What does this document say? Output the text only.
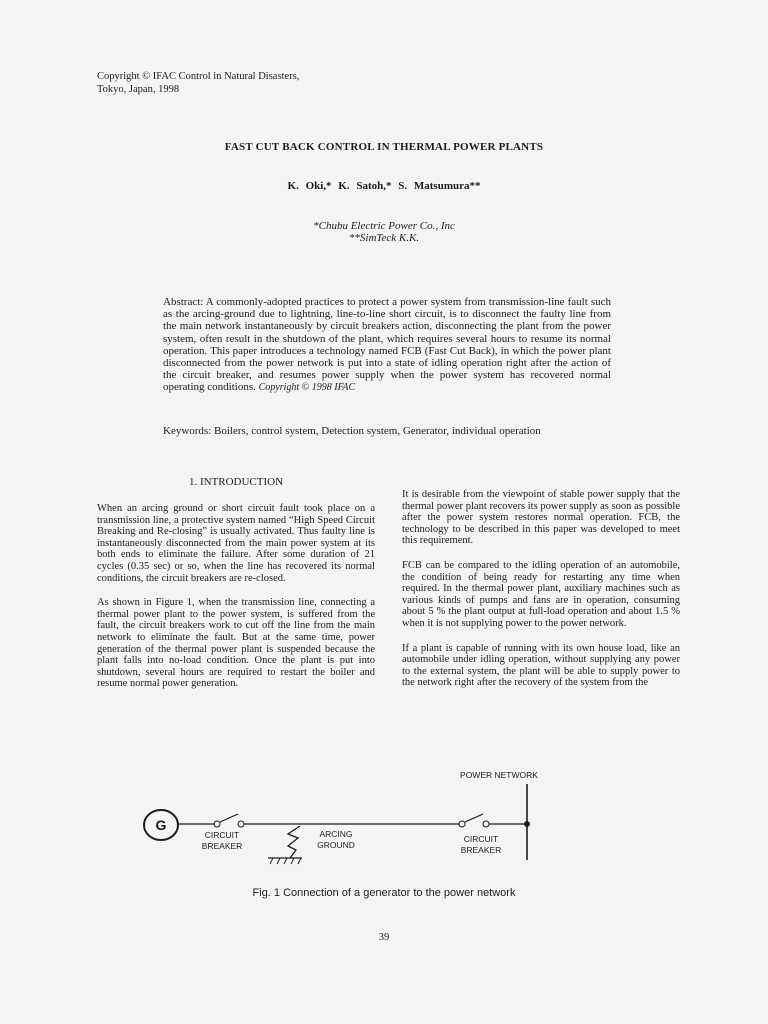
Copyright © IFAC Control in Natural Disasters,
Tokyo, Japan, 1998
FAST CUT BACK CONTROL IN THERMAL POWER PLANTS
K. Oki,* K. Satoh,* S. Matsumura**
*Chubu Electric Power Co., Inc
**SimTeck K.K.
Abstract: A commonly-adopted practices to protect a power system from transmission-line fault such as the arcing-ground due to lightning, line-to-line short circuit, is to disconnect the faulty line from the main network instantaneously by circuit breakers action, disconnecting the plant from the power system, often result in the shutdown of the plant, which requires several hours to resume its normal operation. This paper introduces a technology named FCB (Fast Cut Back), in which the power plant disconnected from the power network is put into a state of idling operation right after the action of the circuit breaker, and resumes power supply when the power system has recovered normal operating conditions. Copyright © 1998 IFAC
Keywords: Boilers, control system, Detection system, Generator, individual operation
1. INTRODUCTION

When an arcing ground or short circuit fault took place on a transmission line, a protective system named “High Speed Circuit Breaking and Re-closing” is usually activated. Thus faulty line is instantaneously disconnected from the main power system at its both ends to eliminate the failure. After some duration of 21 cycles (0.35 sec) or so, when the line has recovered its normal conditions, the circuit breakers are re-closed.

As shown in Figure 1, when the transmission line, connecting a thermal power plant to the power system, is suffered from the fault, the circuit breakers work to cut off the line from the main network to eliminate the fault. But at the same time, power generation of the thermal power plant is suspended because the plant falls into no-load condition. Once the plant is put into shutdown, several hours are required to restart the boiler and resume normal power generation.

It is desirable from the viewpoint of stable power supply that the thermal power plant recovers its power supply as soon as possible after the power system restores normal operation. FCB, the technology to be described in this paper was developed to meet this requirement.

FCB can be compared to the idling operation of an automobile, the condition of being ready for restarting any time when required. In the thermal power plant, auxiliary machines such as various kinds of pumps and fans are in operation, consuming about 5 % the plant output at full-load operation and about 1.5 % when it is not supplying power to the power network.

If a plant is capable of running with its own house load, like an automobile under idling operation, without supplying any power to the external system, the plant will be able to supply power to the network right after the recovery of the system from the

G
CIRCUIT
BREAKER
ARCING
GROUND
CIRCUIT
BREAKER
POWER NETWORK
Fig. 1 Connection of a generator to the power network
39
